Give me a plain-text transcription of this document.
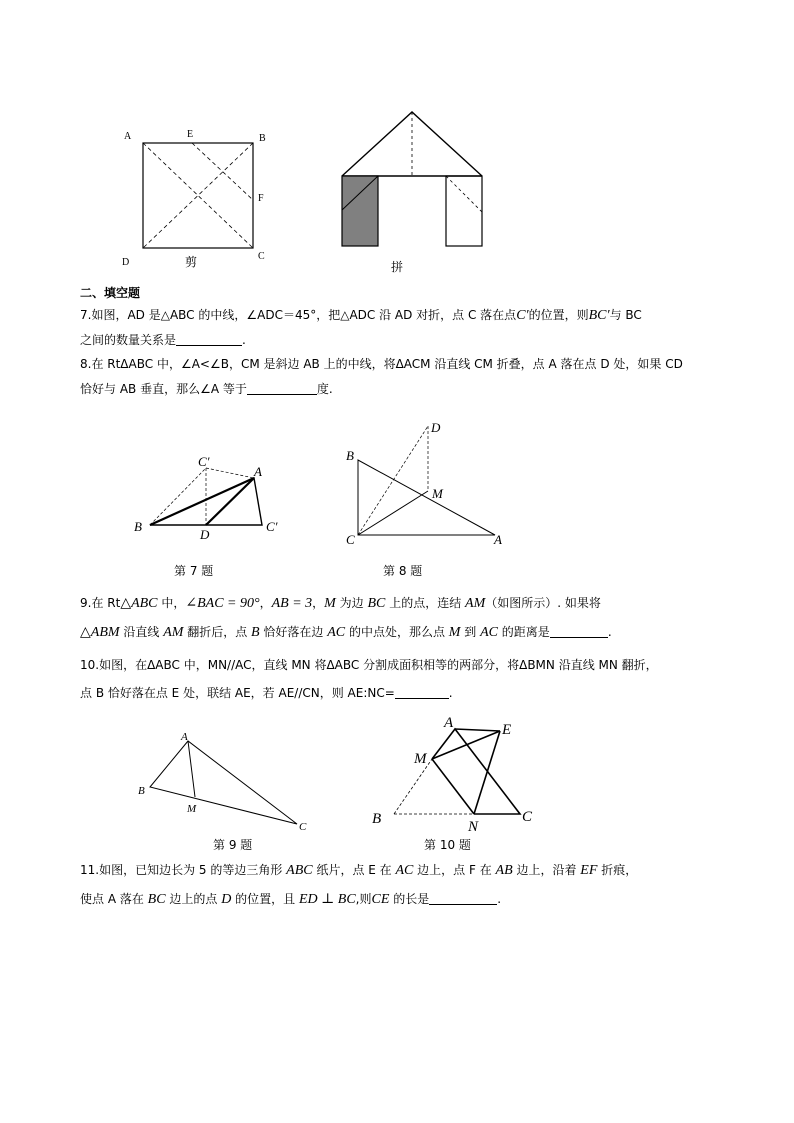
A	E	B
F
D
C
剪	拼
二、填空题
7.如图，AD 是△ABC 的中线，∠ADC＝45°，把△ADC 沿 AD 对折，点 C 落在点C′的位置，则BC′与 BC
之间的数量关系是	.
8.在 RtΔABC 中，∠A<∠B，CM 是斜边 AB 上的中线，将ΔACM 沿直线 CM 折叠，点 A 落在点 D 处，如果 CD
恰好与 AB 垂直，那么∠A 等于	度.
C′
A
B
D
C′
第 7 题
D
B
M
C	A
第 8 题
9.在 Rt△ABC 中，∠BAC = 90°，AB = 3，M 为边 BC 上的点，连结 AM（如图所示）. 如果将
△ABM 沿直线 AM 翻折后，点 B 恰好落在边 AC 的中点处，那么点 M 到 AC 的距离是	.
10.如图，在ΔABC 中，MN//AC，直线 MN 将ΔABC 分割成面积相等的两部分，将ΔBMN 沿直线 MN 翻折，
点 B 恰好落在点 E 处，联结 AE，若 AE//CN，则 AE:NC=	.
A
B
M
C
第 9 题
A	E
M
B	N
C
第 10 题
11.如图，已知边长为 5 的等边三角形 ABC 纸片，点 E 在 AC 边上，点 F 在 AB 边上，沿着 EF 折痕，
使点 A 落在 BC 边上的点 D 的位置，且 ED ⊥ BC,则CE 的长是	.
